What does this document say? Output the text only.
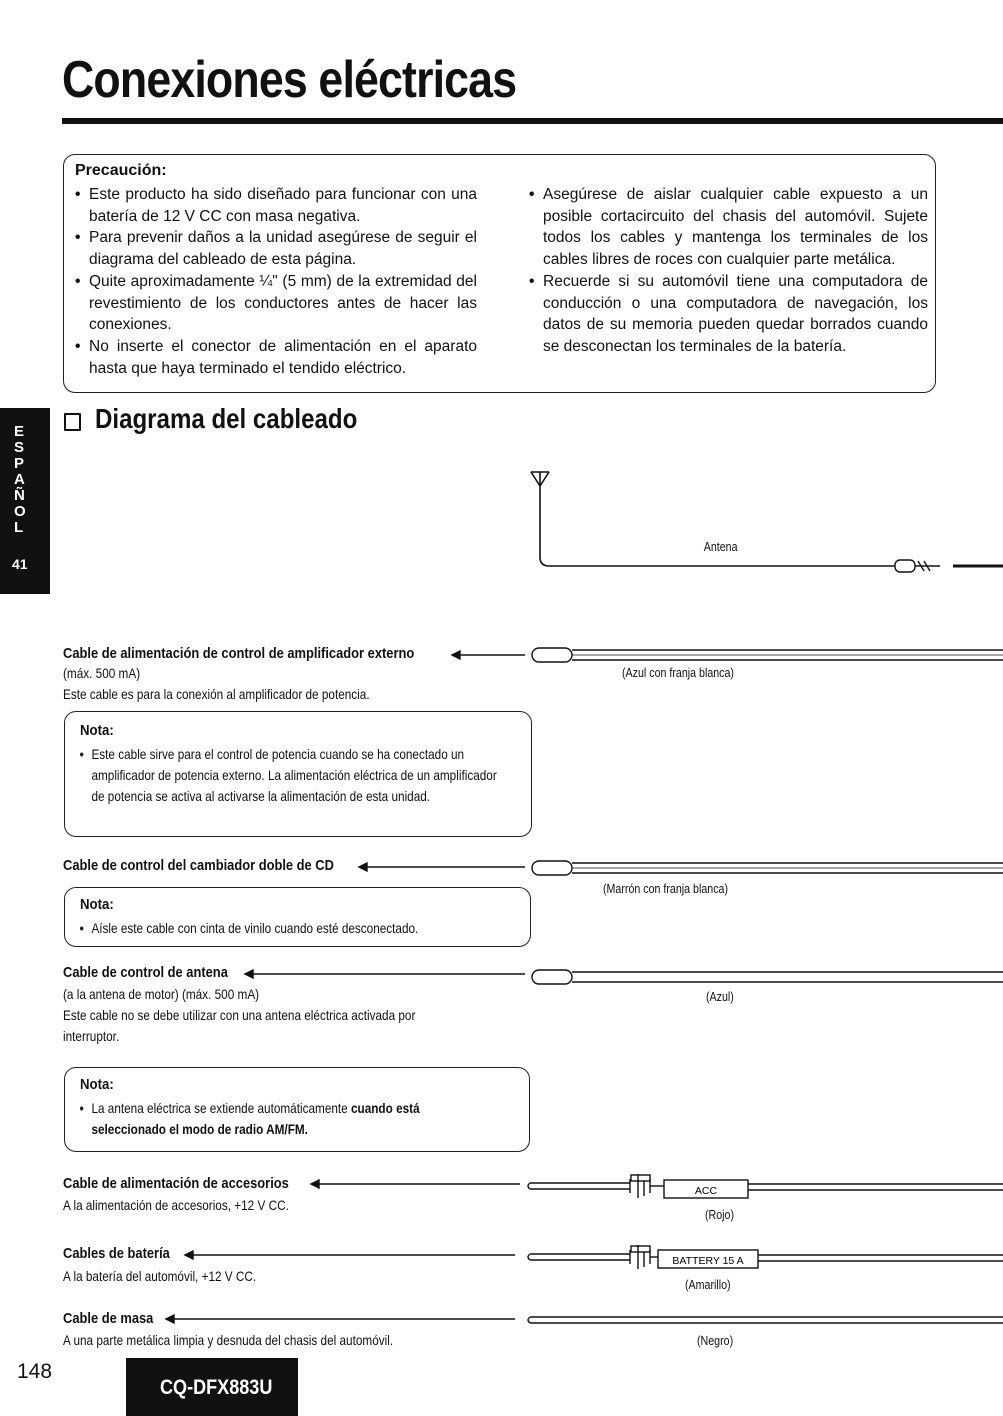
Conexiones eléctricas
Precaución:
• Este producto ha sido diseñado para funcionar con una batería de 12 V CC con masa negativa.
• Para prevenir daños a la unidad asegúrese de seguir el diagrama del cableado de esta página.
• Quite aproximadamente ¼" (5 mm) de la extremidad del revestimiento de los conductores antes de hacer las conexiones.
• No inserte el conector de alimentación en el aparato hasta que haya terminado el tendido eléctrico.
• Asegúrese de aislar cualquier cable expuesto a un posible cortacircuito del chasis del automóvil. Sujete todos los cables y mantenga los terminales de los cables libres de roces con cualquier parte metálica.
• Recuerde si su automóvil tiene una computadora de conducción o una computadora de navegación, los datos de su memoria pueden quedar borrados cuando se desconectan los terminales de la batería.
E
S
P
A
Ñ
O
L
41
Diagrama del cableado
ACC
BATTERY 15 A
Antena
Cable de alimentación de control de amplificador externo
(máx. 500 mA)
Este cable es para la conexión al amplificador de potencia.
(Azul con franja blanca)
Nota:
• Este cable sirve para el control de potencia cuando se ha conectado un amplificador de potencia externo. La alimentación eléctrica de un amplificador de potencia se activa al activarse la alimentación de esta unidad.
Cable de control del cambiador doble de CD
(Marrón con franja blanca)
Nota:
• Aísle este cable con cinta de vinilo cuando esté desconectado.
Cable de control de antena
(a la antena de motor) (máx. 500 mA)
Este cable no se debe utilizar con una antena eléctrica activada por
interruptor.
(Azul)
Nota:
• La antena eléctrica se extiende automáticamente cuando está
seleccionado el modo de radio AM/FM.
Cable de alimentación de accesorios
A la alimentación de accesorios, +12 V CC.
(Rojo)
Cables de batería
A la batería del automóvil, +12 V CC.
(Amarillo)
Cable de masa
A una parte metálica limpia y desnuda del chasis del automóvil.	(Negro)
148
CQ-DFX883U
